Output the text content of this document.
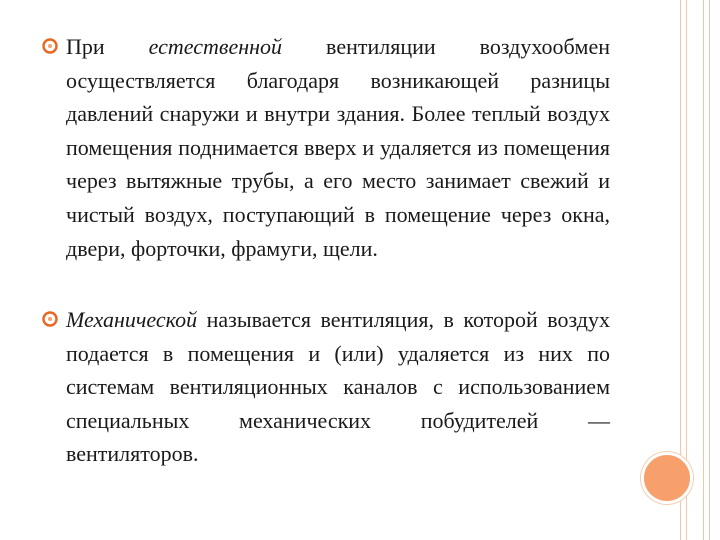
При естественной вентиляции воздухообмен осуществляется благодаря возникающей разницы давлений снаружи и внутри здания. Более теплый воздух помещения поднимается вверх и удаляется из помещения через вытяжные трубы, а его место занимает свежий и чистый воздух, поступающий в помещение через окна, двери, форточки, фрамуги, щели.

Механической называется вентиляция, в которой воздух подается в помещения и (или) удаляется из них по системам вентиляционных каналов с использованием специальных механических побудителей — вентиляторов.
